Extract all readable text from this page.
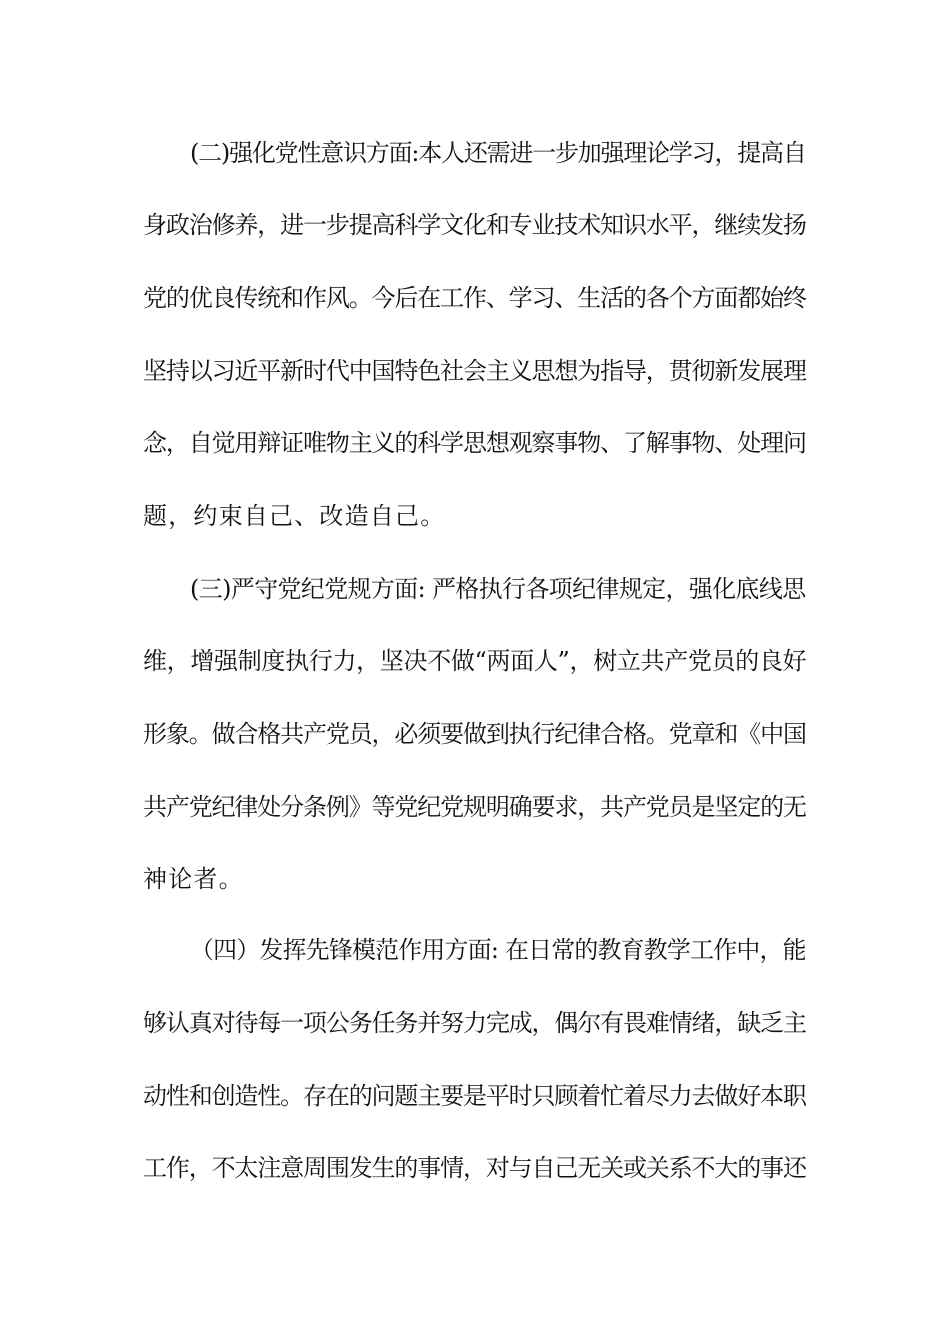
(二)强化党性意识方面:本人还需进一步加强理论学习，提高自
身政治修养，进一步提高科学文化和专业技术知识水平，继续发扬
党的优良传统和作风。今后在工作、学习、生活的各个方面都始终
坚持以习近平新时代中国特色社会主义思想为指导，贯彻新发展理
念，自觉用辩证唯物主义的科学思想观察事物、了解事物、处理问
题，约束自己、改造自己。
(三)严守党纪党规方面: 严格执行各项纪律规定，强化底线思
维，增强制度执行力，坚决不做“两面人”，树立共产党员的良好
形象。做合格共产党员，必须要做到执行纪律合格。党章和《中国
共产党纪律处分条例》等党纪党规明确要求，共产党员是坚定的无
神论者。
（四）发挥先锋模范作用方面: 在日常的教育教学工作中，能
够认真对待每一项公务任务并努力完成，偶尔有畏难情绪，缺乏主
动性和创造性。存在的问题主要是平时只顾着忙着尽力去做好本职
工作，不太注意周围发生的事情，对与自己无关或关系不大的事还
